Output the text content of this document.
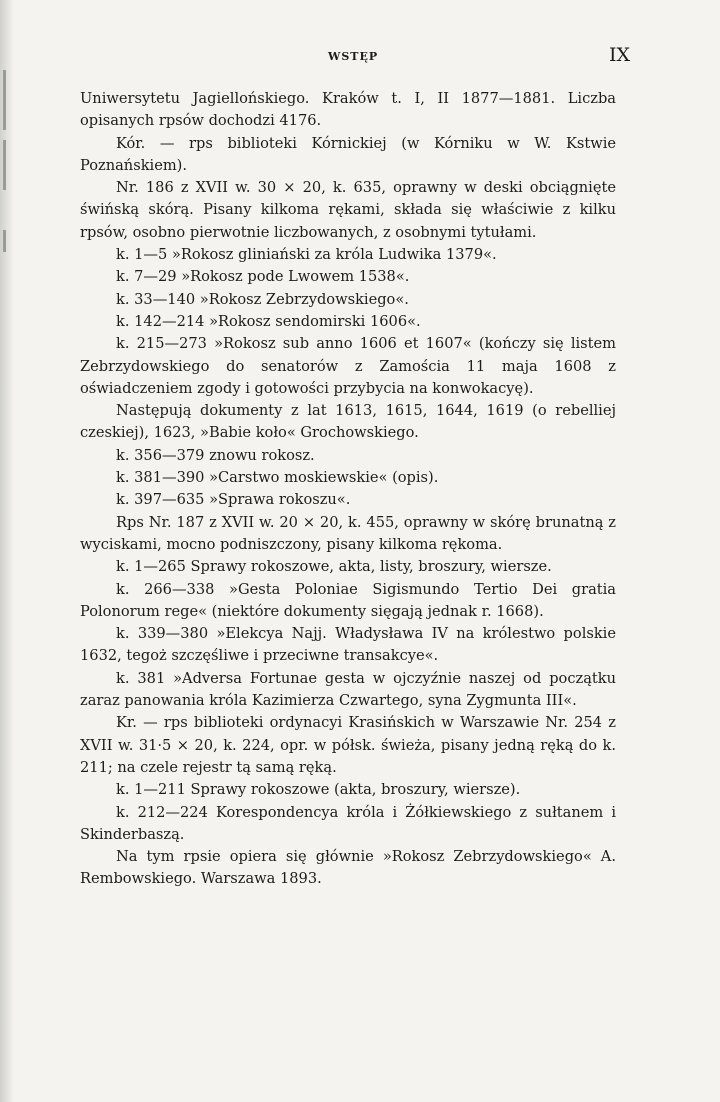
WSTĘP	IX

Uniwersytetu Jagiellońskiego. Kraków t. I, II 1877—1881. Liczba opisanych rpsów dochodzi 4176.

Kór. — rps biblioteki Kórnickiej (w Kórniku w W. Kstwie Poznańskiem).

Nr. 186 z XVII w. 30 × 20, k. 635, oprawny w deski obciągnięte świńską skórą. Pisany kilkoma rękami, składa się właściwie z kilku rpsów, osobno pierwotnie liczbowanych, z osobnymi tytułami.

k. 1—5 »Rokosz gliniański za króla Ludwika 1379«.

k. 7—29 »Rokosz pode Lwowem 1538«.

k. 33—140 »Rokosz Zebrzydowskiego«.

k. 142—214 »Rokosz sendomirski 1606«.

k. 215—273 »Rokosz sub anno 1606 et 1607« (kończy się listem Zebrzydowskiego do senatorów z Zamościa 11 maja 1608 z oświadczeniem zgody i gotowości przybycia na konwokacyę).

Następują dokumenty z lat 1613, 1615, 1644, 1619 (o rebelliej czeskiej), 1623, »Babie koło« Grochowskiego.

k. 356—379 znowu rokosz.

k. 381—390 »Carstwo moskiewskie« (opis).

k. 397—635 »Sprawa rokoszu«.

Rps Nr. 187 z XVII w. 20 × 20, k. 455, oprawny w skórę brunatną z wyciskami, mocno podniszczony, pisany kilkoma rękoma.

k. 1—265 Sprawy rokoszowe, akta, listy, broszury, wiersze.

k. 266—338 »Gesta Poloniae Sigismundo Tertio Dei gratia Polonorum rege« (niektóre dokumenty sięgają jednak r. 1668).

k. 339—380 »Elekcya Najj. Władysława IV na królestwo polskie 1632, tegoż szczęśliwe i przeciwne transakcye«.

k. 381 »Adversa Fortunae gesta w ojczyźnie naszej od początku zaraz panowania króla Kazimierza Czwartego, syna Zygmunta III«.

Kr. — rps biblioteki ordynacyi Krasińskich w Warszawie Nr. 254 z XVII w. 31·5 × 20, k. 224, opr. w półsk. świeża, pisany jedną ręką do k. 211; na czele rejestr tą samą ręką.

k. 1—211 Sprawy rokoszowe (akta, broszury, wiersze).

k. 212—224 Korespondencya króla i Żółkiewskiego z sułtanem i Skinderbaszą.

Na tym rpsie opiera się głównie »Rokosz Zebrzydowskiego« A. Rembowskiego. Warszawa 1893.
